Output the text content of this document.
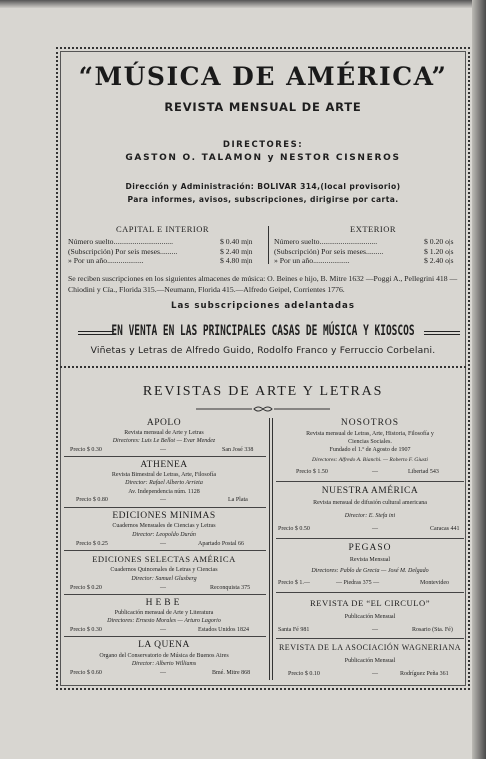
“MÚSICA DE AMÉRICA”
REVISTA MENSUAL DE ARTE
DIRECTORES:
GASTON O. TALAMON y NESTOR CISNEROS
Dirección y Administración: BOLIVAR 314,(local provisorio)
Para informes, avisos, subscripciones, dirigirse por carta.
CAPITAL E INTERIOR	EXTERIOR
Número suelto...............................	$ 0.40 m|n
(Subscripción) Por seis meses.........	$ 2.40 m|n
» Por un año...................	$ 4.80 m|n
Número suelto..............................	$ 0.20 o|s
(Subscripción) Por seis meses.........	$ 1.20 o|s
» Por un año...................	$ 2.40 o|s
Se reciben suscripciones en los siguientes almacenes de música: O. Beines e hijo, B. Mitre 1632 —Poggi A., Pellegrini 418 —Chiodini y Cía., Florida 315.—Neumann, Florida 415.—Alfredo Geipel, Corrientes 1776.
Las subscripciones adelantadas
EN VENTA EN LAS PRINCIPALES CASAS DE MÚSICA Y KIOSCOS
Viñetas y Letras de Alfredo Guido, Rodolfo Franco y Ferruccio Corbelani.
REVISTAS DE ARTE Y LETRAS
APOLO
Revista mensual de Arte y Letras
Directores: Luis Le Bellot — Evar Mendez
Precio $ 0.30	—	San José 338
ATHENEA
Revista Bimestral de Letras, Arte, Filosofía
Director: Rafael Alberto Arrieta
Av. Independencia núm. 1128
Precio $ 0.80	—	La Plata
EDICIONES MINIMAS
Cuadernos Mensuales de Ciencias y Letras
Director: Leopoldo Durán
Precio $ 0.25	—	Apartado Postal 66
EDICIONES SELECTAS AMÉRICA
Cuadernos Quincenales de Letras y Ciencias
Director: Samuel Glusberg
Precio $ 0.20	—	Reconquista 375
HEBE
Publicación mensual de Arte y Literatura
Directores: Ernesto Morales — Arturo Lagorio
Precio $ 0.30	—	Estados Unidos 1824
LA QUENA
Organo del Conservatorio de Música de Buenos Aires
Director: Alberto Williams
Precio $ 0.60	—	Bmé. Mitre 868
NOSOTROS
Revista mensual de Letras, Arte, Historia, Filosofía y
Ciencias Sociales.
Fundado el 1.º de Agosto de 1907
Directores: Alfredo A. Bianchi. — Roberto F. Giusti
Precio $ 1.50	—	Libertad 543
NUESTRA AMÉRICA
Revista mensual de difusión cultural americana
Director: E. Stefa ini
Precio $ 0.50	—	Caracas 441
PEGASO
Revista Mensual
Directores: Pablo de Grecia — José M. Delgado
Precio $ 1.—	— Piedras 375 —	Montevideo
REVISTA DE “EL CIRCULO”
Publicación Mensual
Santa Fé 981	—	Rosario (Sta. Fé)
REVISTA DE LA ASOCIACIÓN WAGNERIANA
Publicación Mensual
Precio $ 0.10	—	Rodríguez Peña 361
